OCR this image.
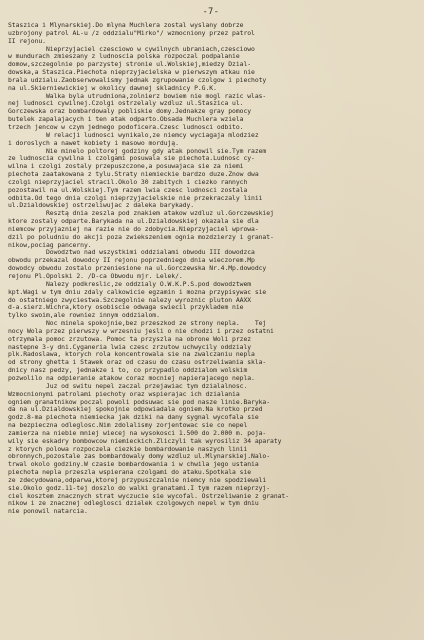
-7-
Staszica i Mlynarskiej.Do mlyna Muchlera zostal wyslany dobrze
uzbrojony patrol AL-u /z oddzialu"Mirko"/ wzmocniony przez patrol
II rejonu.
Nieprzyjaciel czesciowo w cywilnych ubraniach,czesciowo
w mundurach zmieszany z ludnoscia polska rozpoczal podpalanie
domow,szczegolnie po parzystej stronie ul.Wolskiej,miedzy Dzial-
dowska,a Staszica.Piechota nieprzyjacielska w pierwszym atkau nie
brala udzialu.Zaobserwowalismy jednak zgrupowanie czolgow i piechoty
na ul.Skierniewickiej w okolicy dawnej skladnicy P.G.K.
Walka byla utrudniona,zolnierz bowiem nie mogl razic wlas-
nej ludnosci cywilnej.Czolgi ostrzelaly wzdluz ul.Staszica ul.
Gorczewska oraz bombardowaly pobliskie domy.Jednakze gray pomocy
butelek zapalajacych i ten atak odparto.Obsada Muchlera wziela
trzech jencow w czym jednego podoficera.Czesc ludnosci odbito.
W relacji ludnosci wynikalo,ze niemcy wyciagaja mlodziez
i doroslych a nawet kobiety i masowo mordują.
Nie minelo poltorej godziny gdy atak ponowil sie.Tym razem
ze ludnoscia cywilna i czolgami posuwala sie piechota.Ludnosc cy-
wilna i czolgi zostaly przepuszczone,a posuwajaca sie za niemi
piechota zaatakowana z tylu.Straty niemieckie bardzo duze.Znow dwa
czolgi nieprzyjaciel stracil.Okolo 30 zabitych i ciezko rannych
pozostawil na ul.Wolskiej.Tym razem lwia czesc ludnosci zostala
odbita.Od tego dnia czolgi nieprzyjacielskie nie przekraczaly linii
ul.Dzialdowskiej ostrzeliwujac z daleka barykady.
Resztą dnia zeszla pod znakiem atakow wzdluz ul.Gorczewskiej
ktore zostaly odparte.Barykada na ul.Dzialdowskiej okazala sie dla
niemcow przyjazniej na razie nie do zdobycia.Nieprzyjaciel wprowa-
dzil po poludniu do akcji poza zwiekszeniem ognia mozdzierzy i granat-
nikow,pociag pancerny.
Dowodztwo nad wszystkimi oddzialami obwodu III dowodzca
obwodu przekazal dowodcy II rejonu poprzedniego dnia wieczorem.Mp
dowodcy obwodu zostalo przeniesione na ul.Gorczewska Nr.4.Mp.dowodcy
rejonu Pl.Opolski 2. /D-ca Obwodu mjr. Lelek/.
Nalezy podkreslic,ze oddzialy O.W.K.P.S.pod dowodztwem
kpt.Wagi w tym dniu zdaly calkowicie egzamin i mozna przypisywac sie
do ostatniego zwyciestwa.Szczegolnie nalezy wyroznic pluton AAXX
d-a.sierz.Wichra,ktory osobiscie odwaga swiecil przykladem nie
tylko swoim,ale rowniez innym oddzialom.
Noc minela spokojnie,bez przeszkod ze strony nepla.    Tej
nocy Wola przez pierwszy w wrzesniu jesli o nie chodzi i przez ostatni
otrzymala pomoc zrzutowa. Pomoc ta przyszla na obrone Woli przez
nastepne 3-y dni.Cyganeria lwia czesc zrzutow uchwycily oddzialy
plk.Radoslawa, ktorych rola koncentrowala sie na zwalczaniu nepla
od strony ghetta i Stawek oraz od czasu do czasu ostrzeliwania skla-
dnicy nasz pedzy, jednakze i to, co przypadlo oddzialom wolskim
pozwolilo na odpieranie atakow coraz mocniej napierajacego nepla.
Juz od switu nepel zaczal przejawiac tym dzialalnosc.
Wzmocnionymi patrolami piechoty oraz wspierajac ich dzialania
ogniem granatnikow poczal powoli podsuwac sie pod nasze linie.Baryka-
da na ul.Dzialdowskiej spokojnie odpowiadala ogniem.Na krotko przed
godz.8-ma piechota niemiecka jak dziki na dany sygnal wycofala sie
na bezpieczna odleglosc.Nim zdolalismy zorjentowac sie co nepel
zamierza na niebie mniej wiecej na wysokosci 1.500 do 2.000 m. poja-
wily sie eskadry bombowcow niemieckich.Zliczyli tak wyrosiliz 34 aparaty
z ktorych polowa rozpoczela ciezkie bombardowanie naszych linii
obronnych,pozostale zas bombardowaly domy wzdluz ul.Mlynarskiej.Nalo-
trwal okolo godziny.W czasie bombardowania i w chwila jego ustania
piechota nepla przeszla wspierana czolgami do ataku.Spotkala sie
ze zdecydowana,odparwa,ktorej przypuszczalnie niemcy nie spodziewali
sie.Okolo godz.11-tej doszlo do walki granatami.I tym razem nieprzyj-
ciel kosztem znacznych strat wyczucie sie wycofal. Ostrzeliwanie z granat-
nikow i ze znacznej odleglosci dzialek czolgowych nepel w tym dniu
nie ponowil natarcia.
